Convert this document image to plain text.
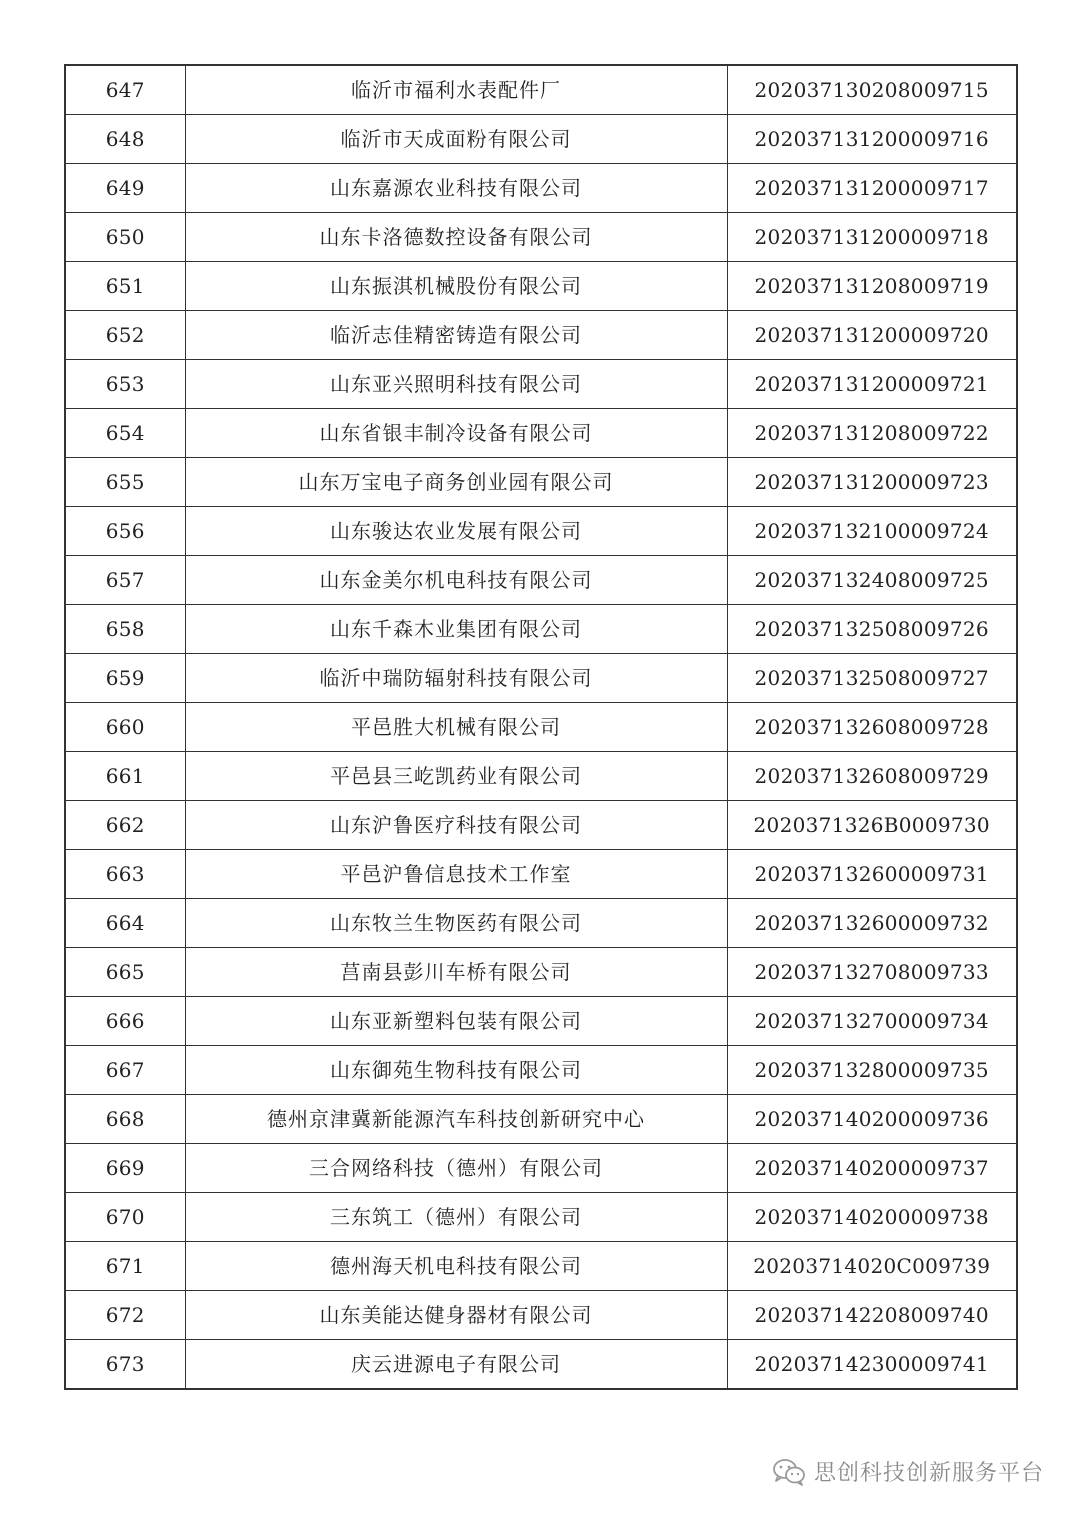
647	临沂市福利水表配件厂	202037130208009715
648	临沂市天成面粉有限公司	202037131200009716
649	山东嘉源农业科技有限公司	202037131200009717
650	山东卡洛德数控设备有限公司	202037131200009718
651	山东振淇机械股份有限公司	202037131208009719
652	临沂志佳精密铸造有限公司	202037131200009720
653	山东亚兴照明科技有限公司	202037131200009721
654	山东省银丰制冷设备有限公司	202037131208009722
655	山东万宝电子商务创业园有限公司	202037131200009723
656	山东骏达农业发展有限公司	202037132100009724
657	山东金美尔机电科技有限公司	202037132408009725
658	山东千森木业集团有限公司	202037132508009726
659	临沂中瑞防辐射科技有限公司	202037132508009727
660	平邑胜大机械有限公司	202037132608009728
661	平邑县三屹凯药业有限公司	202037132608009729
662	山东沪鲁医疗科技有限公司	2020371326B0009730
663	平邑沪鲁信息技术工作室	202037132600009731
664	山东牧兰生物医药有限公司	202037132600009732
665	莒南县彭川车桥有限公司	202037132708009733
666	山东亚新塑料包装有限公司	202037132700009734
667	山东御苑生物科技有限公司	202037132800009735
668	德州京津冀新能源汽车科技创新研究中心	202037140200009736
669	三合网络科技（德州）有限公司	202037140200009737
670	三东筑工（德州）有限公司	202037140200009738
671	德州海天机电科技有限公司	20203714020C009739
672	山东美能达健身器材有限公司	202037142208009740
673	庆云进源电子有限公司	202037142300009741
思创科技创新服务平台
